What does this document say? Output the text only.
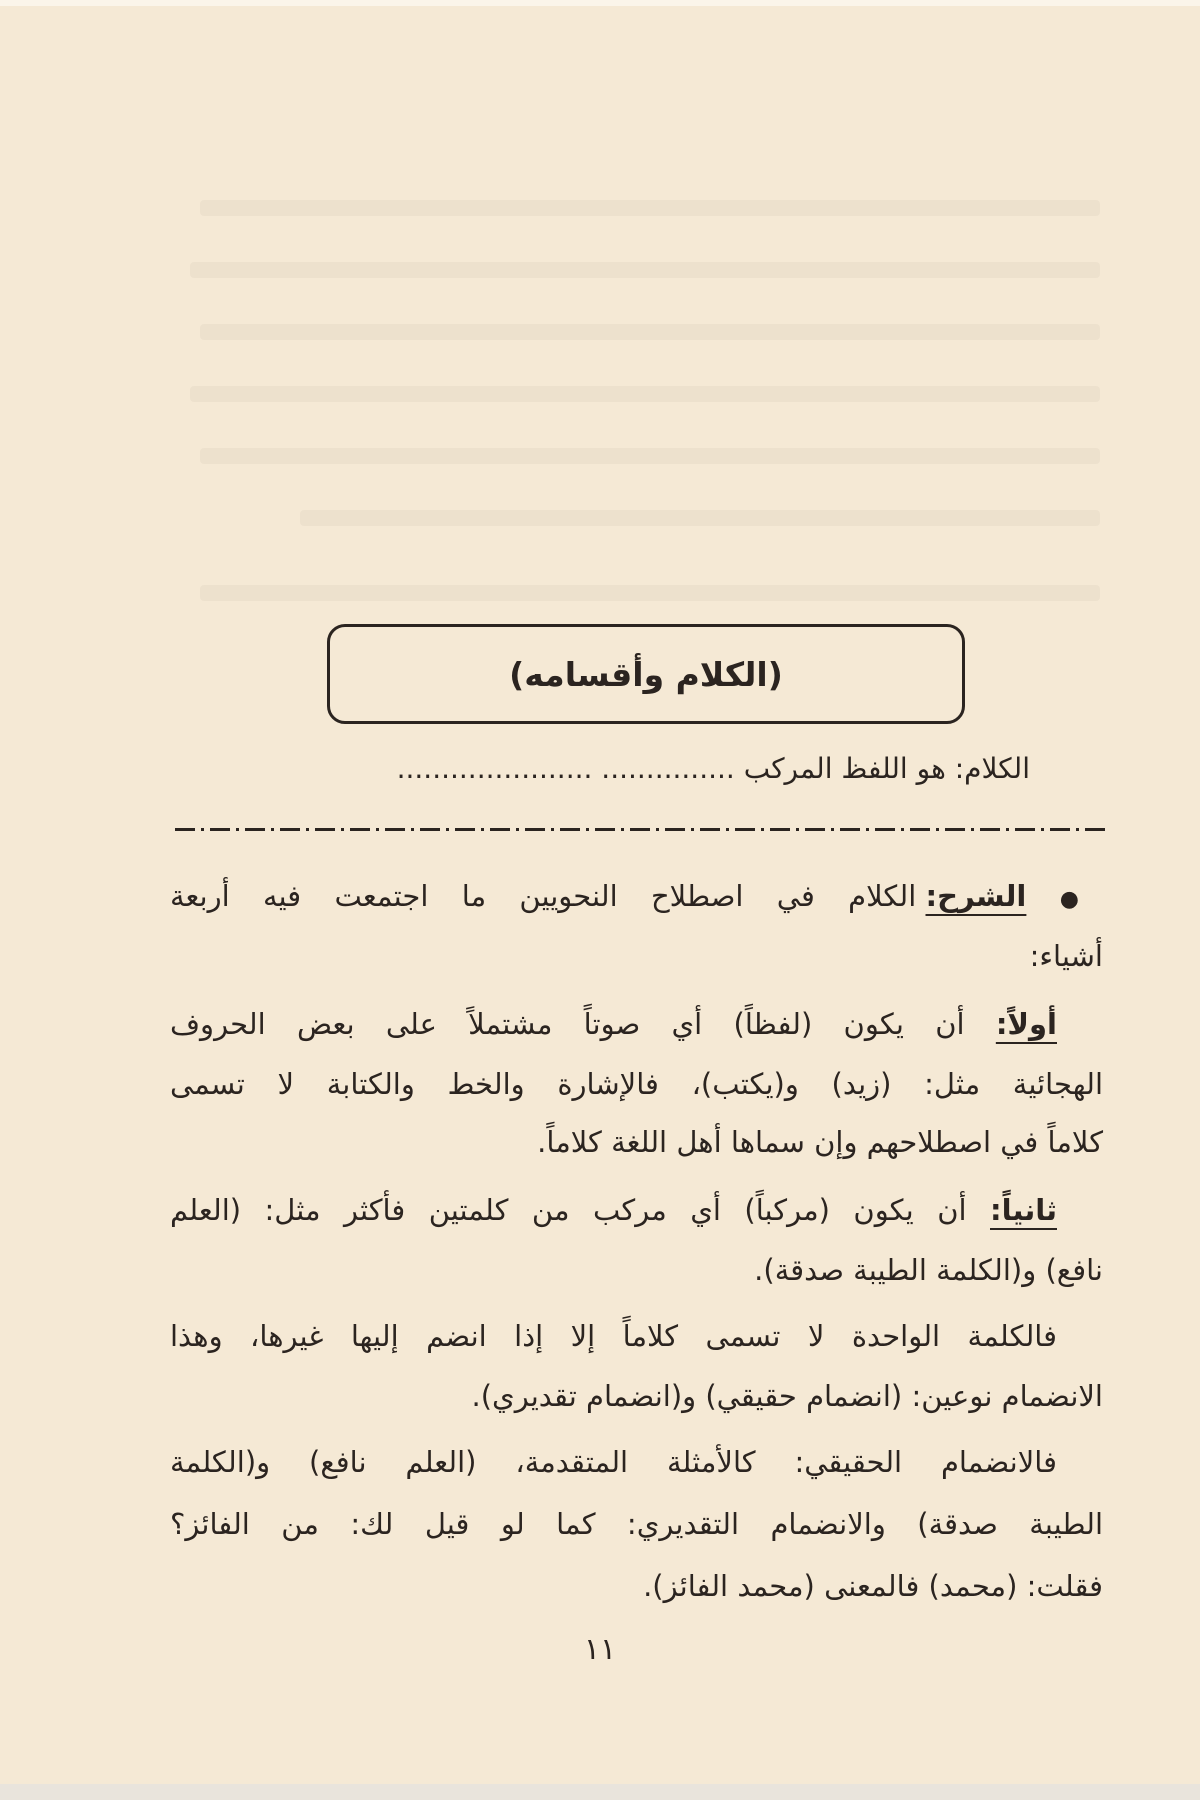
(الكلام وأقسامه)
الكلام: هو اللفظ المركب ............... ......................
● الشرح: الكلام في اصطلاح النحويين ما اجتمعت فيه أربعة
أشياء:
أولاً: أن يكون (لفظاً) أي صوتاً مشتملاً على بعض الحروف
الهجائية مثل: (زيد) و(يكتب)، فالإشارة والخط والكتابة لا تسمى
كلاماً في اصطلاحهم وإن سماها أهل اللغة كلاماً.
ثانياً: أن يكون (مركباً) أي مركب من كلمتين فأكثر مثل: (العلم
نافع) و(الكلمة الطيبة صدقة).
فالكلمة الواحدة لا تسمى كلاماً إلا إذا انضم إليها غيرها، وهذا
الانضمام نوعين: (انضمام حقيقي) و(انضمام تقديري).
فالانضمام الحقيقي: كالأمثلة المتقدمة، (العلم نافع) و(الكلمة
الطيبة صدقة) والانضمام التقديري: كما لو قيل لك: من الفائز؟
فقلت: (محمد) فالمعنى (محمد الفائز).
١١
